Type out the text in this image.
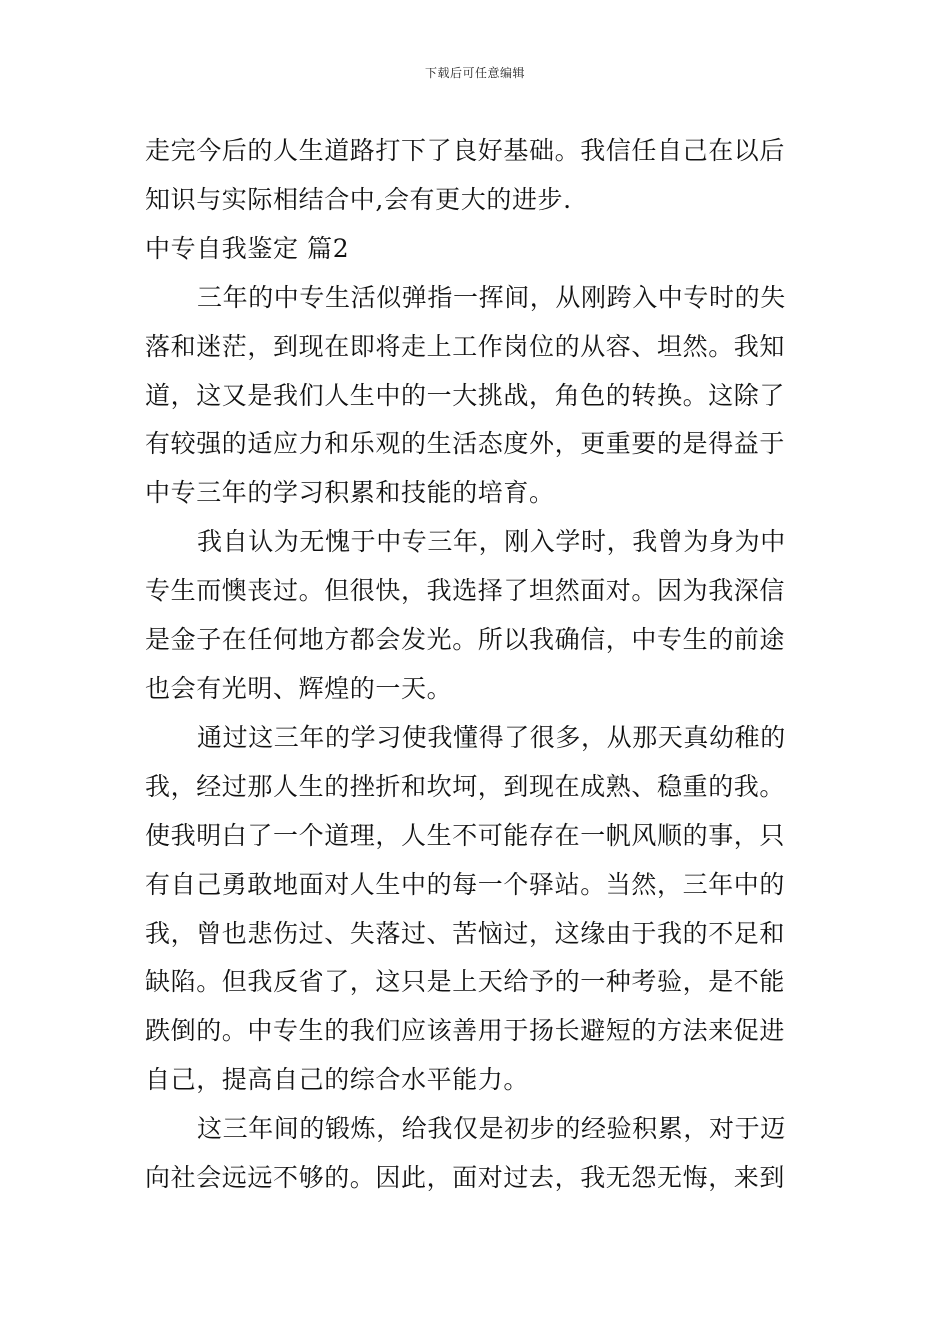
下载后可任意编辑

走完今后的人生道路打下了良好基础。我信任自己在以后

知识与实际相结合中,会有更大的进步.

中专自我鉴定 篇2

三年的中专生活似弹指一挥间，从刚跨入中专时的失落和迷茫，到现在即将走上工作岗位的从容、坦然。我知道，这又是我们人生中的一大挑战，角色的转换。这除了有较强的适应力和乐观的生活态度外，更重要的是得益于中专三年的学习积累和技能的培育。

我自认为无愧于中专三年，刚入学时，我曾为身为中专生而懊丧过。但很快，我选择了坦然面对。因为我深信是金子在任何地方都会发光。所以我确信，中专生的前途也会有光明、辉煌的一天。

通过这三年的学习使我懂得了很多，从那天真幼稚的我，经过那人生的挫折和坎坷，到现在成熟、稳重的我。使我明白了一个道理，人生不可能存在一帆风顺的事，只有自己勇敢地面对人生中的每一个驿站。当然，三年中的我，曾也悲伤过、失落过、苦恼过，这缘由于我的不足和缺陷。但我反省了，这只是上天给予的一种考验，是不能跌倒的。中专生的我们应该善用于扬长避短的方法来促进自己，提高自己的综合水平能力。

这三年间的锻炼，给我仅是初步的经验积累，对于迈向社会远远不够的。因此，面对过去，我无怨无悔，来到
